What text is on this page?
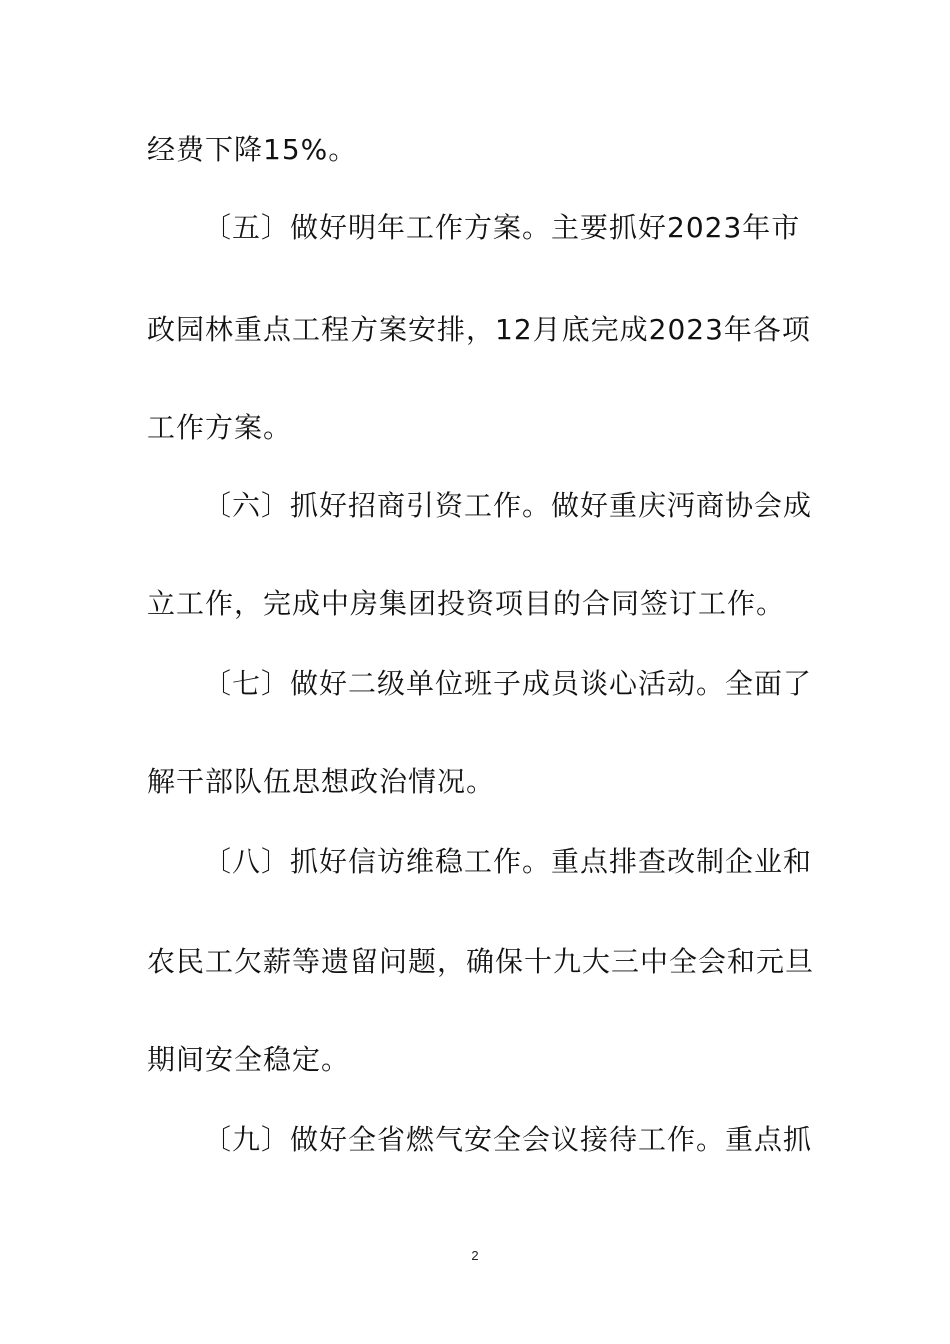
经费下降15%。
〔五〕做好明年工作方案。主要抓好2023年市
政园林重点工程方案安排，12月底完成2023年各项
工作方案。
〔六〕抓好招商引资工作。做好重庆沔商协会成
立工作，完成中房集团投资项目的合同签订工作。
〔七〕做好二级单位班子成员谈心活动。全面了
解干部队伍思想政治情况。
〔八〕抓好信访维稳工作。重点排查改制企业和
农民工欠薪等遗留问题，确保十九大三中全会和元旦
期间安全稳定。
〔九〕做好全省燃气安全会议接待工作。重点抓
2
